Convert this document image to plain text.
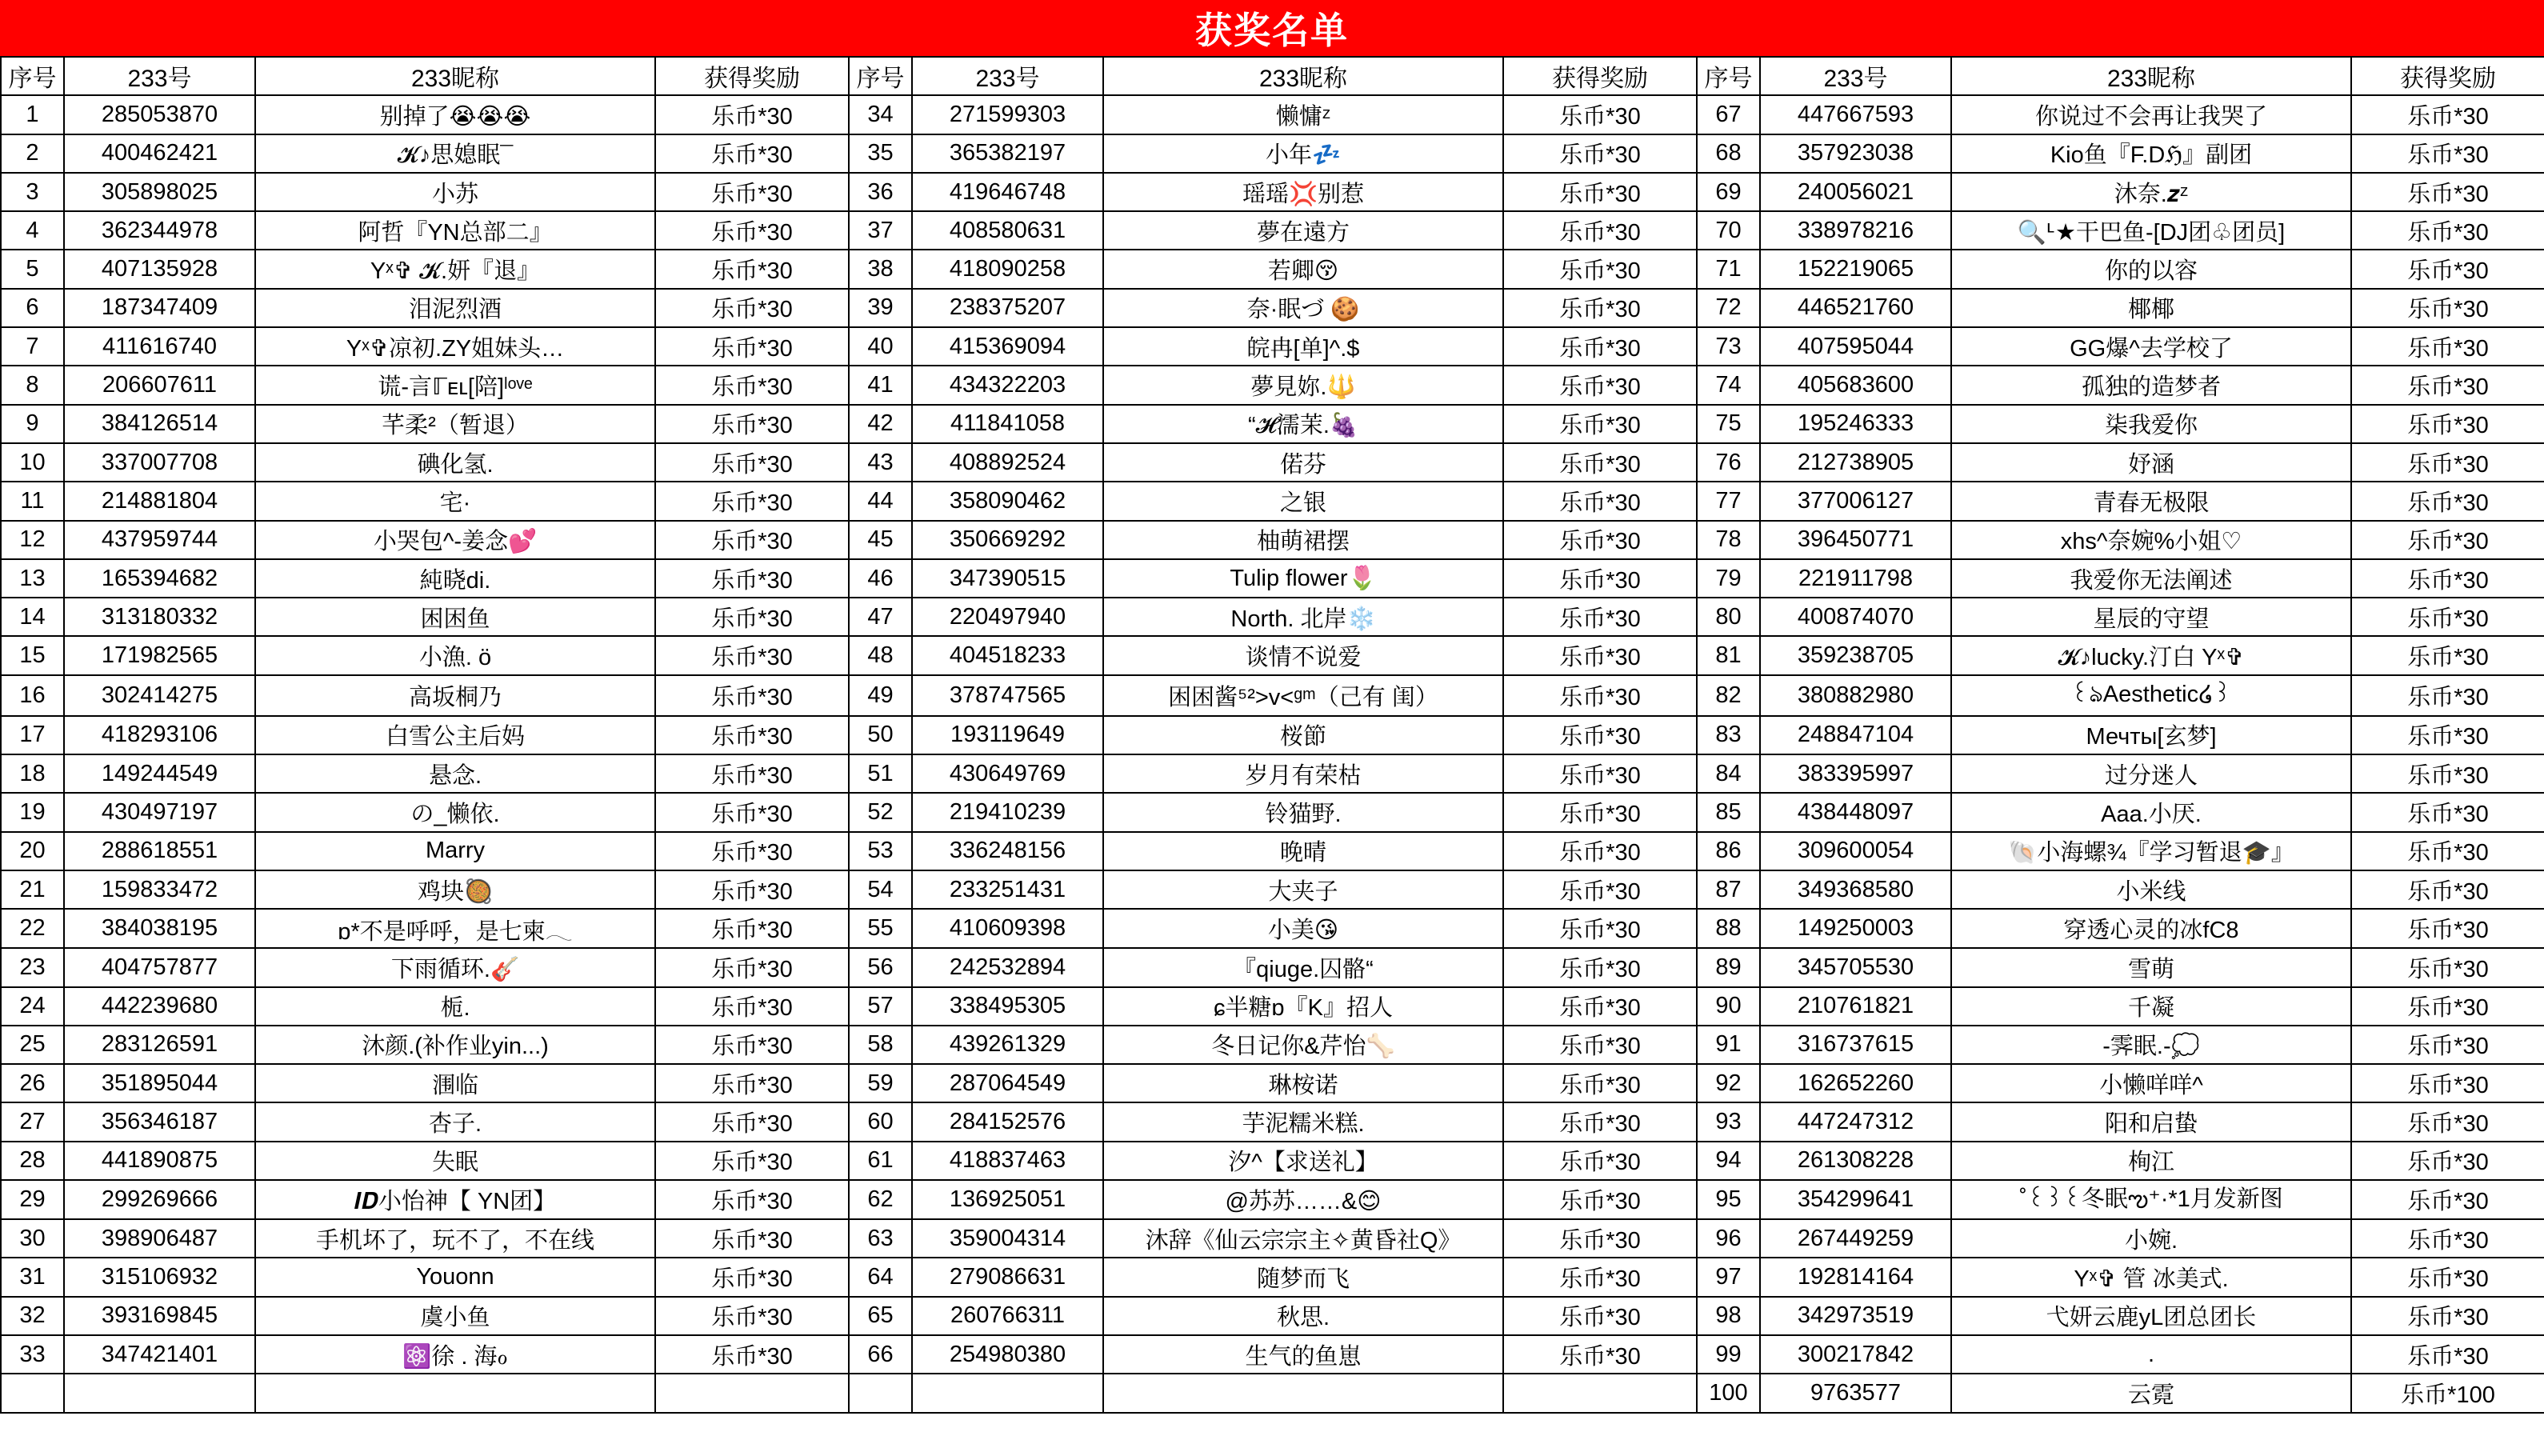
获奖名单
序号	233号	233昵称	获得奖励	序号	233号	233昵称	获得奖励	序号	233号	233昵称	获得奖励
1	285053870	别掉了😭😭😭	乐币*30	34	271599303	懒慵ᶻ	乐币*30	67	447667593	你说过不会再让我哭了	乐币*30
2	400462421	𝓚♪思媳眠¯	乐币*30	35	365382197	小年💤	乐币*30	68	357923038	Kio鱼『F.Dℌ』副团	乐币*30
3	305898025	小苏	乐币*30	36	419646748	瑶瑶💢别惹	乐币*30	69	240056021	沐奈.𝒛ᶻ	乐币*30
4	362344978	阿哲『YN总部二』	乐币*30	37	408580631	夢在遠方	乐币*30	70	338978216	🔍ᒻ★干巴鱼-[DJ团♧团员]	乐币*30
5	407135928	Yˣ✞ 𝓚.妍『退』	乐币*30	38	418090258	若卿😚	乐币*30	71	152219065	你的以容	乐币*30
6	187347409	泪泥烈酒	乐币*30	39	238375207	奈·眠づ 🍪	乐币*30	72	446521760	椰椰	乐币*30
7	411616740	Yˣ✞凉初.ZY姐妹头…	乐币*30	40	415369094	皖冉[单]^.$	乐币*30	73	407595044	GG爆^去学校了	乐币*30
8	206607611	谎-言ℾᴇʟ[陪]ˡᵒᵛᵉ	乐币*30	41	434322203	夢見妳.🔱	乐币*30	74	405683600	孤独的造梦者	乐币*30
9	384126514	芊柔²（暂退）	乐币*30	42	411841058	“𝓗濡茉.🍇	乐币*30	75	195246333	柒我爱你	乐币*30
10	337007708	碘化氢.	乐币*30	43	408892524	偌芬	乐币*30	76	212738905	妤涵	乐币*30
11	214881804	宅·	乐币*30	44	358090462	之银	乐币*30	77	377006127	青春无极限	乐币*30
12	437959744	小哭包^-姜念💕	乐币*30	45	350669292	柚萌裙摆	乐币*30	78	396450771	xhs^奈婉%小姐♡	乐币*30
13	165394682	純晓di.	乐币*30	46	347390515	Tulip flower🌷	乐币*30	79	221911798	我爱你无法阐述	乐币*30
14	313180332	困困鱼	乐币*30	47	220497940	North. 北岸❄️	乐币*30	80	400874070	星辰的守望	乐币*30
15	171982565	小漁. ö	乐币*30	48	404518233	谈情不说爱	乐币*30	81	359238705	𝓚♪lucky.汀白 Yˣ✞	乐币*30
16	302414275	高坂桐乃	乐币*30	49	378747565	困困酱⁵²>v<ᵍᵐ（己有 闺）	乐币*30	82	380882980	꒰ঌAesthetic໒꒱	乐币*30
17	418293106	白雪公主后妈	乐币*30	50	193119649	桜節	乐币*30	83	248847104	Мечты[玄梦]	乐币*30
18	149244549	悬念.	乐币*30	51	430649769	岁月有荣枯	乐币*30	84	383395997	过分迷人	乐币*30
19	430497197	の_懒依.	乐币*30	52	219410239	铃猫野.	乐币*30	85	438448097	Aaa.小厌.	乐币*30
20	288618551	Marry	乐币*30	53	336248156	晚晴	乐币*30	86	309600054	🐚小海螺¾『学习暂退🎓』	乐币*30
21	159833472	鸡块🥘	乐币*30	54	233251431	大夹子	乐币*30	87	349368580	小米线	乐币*30
22	384038195	ɒ*不是呼呼，是七柬𓂃	乐币*30	55	410609398	小美😘	乐币*30	88	149250003	穿透心灵的冰fC8	乐币*30
23	404757877	下雨循环.🎸	乐币*30	56	242532894	『qiuge.囚骼“	乐币*30	89	345705530	雪萌	乐币*30
24	442239680	栀.	乐币*30	57	338495305	ɕ半糖ɒ『K』招人	乐币*30	90	210761821	千凝	乐币*30
25	283126591	沐颜.(补作业yin...)	乐币*30	58	439261329	冬日记你&芹怡🦴	乐币*30	91	316737615	-霁眠.-💭	乐币*30
26	351895044	涠临	乐币*30	59	287064549	琳桉诺	乐币*30	92	162652260	小懒咩咩^	乐币*30
27	356346187	杏子.	乐币*30	60	284152576	芋泥糯米糕.	乐币*30	93	447247312	阳和启蛰	乐币*30
28	441890875	失眠	乐币*30	61	418837463	汐^【求送礼】	乐币*30	94	261308228	栒江	乐币*30
29	299269666	𝑰𝑫小怡神【 YN团】	乐币*30	62	136925051	@苏苏……&😊	乐币*30	95	354299641	˚꒰꒱꒰冬眠ఌ⁺·*1月发新图	乐币*30
30	398906487	手机坏了，玩不了，不在线	乐币*30	63	359004314	沐辞《仙云宗宗主✧黄昏社Q》	乐币*30	96	267449259	小婉.	乐币*30
31	315106932	Youonn	乐币*30	64	279086631	随梦而飞	乐币*30	97	192814164	Yˣ✞ 管 冰美式.	乐币*30
32	393169845	虞小鱼	乐币*30	65	260766311	秋思.	乐币*30	98	342973519	弋妍云鹿yL团总团长	乐币*30
33	347421401	⚛️徐 . 海ℴ	乐币*30	66	254980380	生气的鱼崽	乐币*30	99	300217842	.	乐币*30
								100	9763577	云霓	乐币*100
